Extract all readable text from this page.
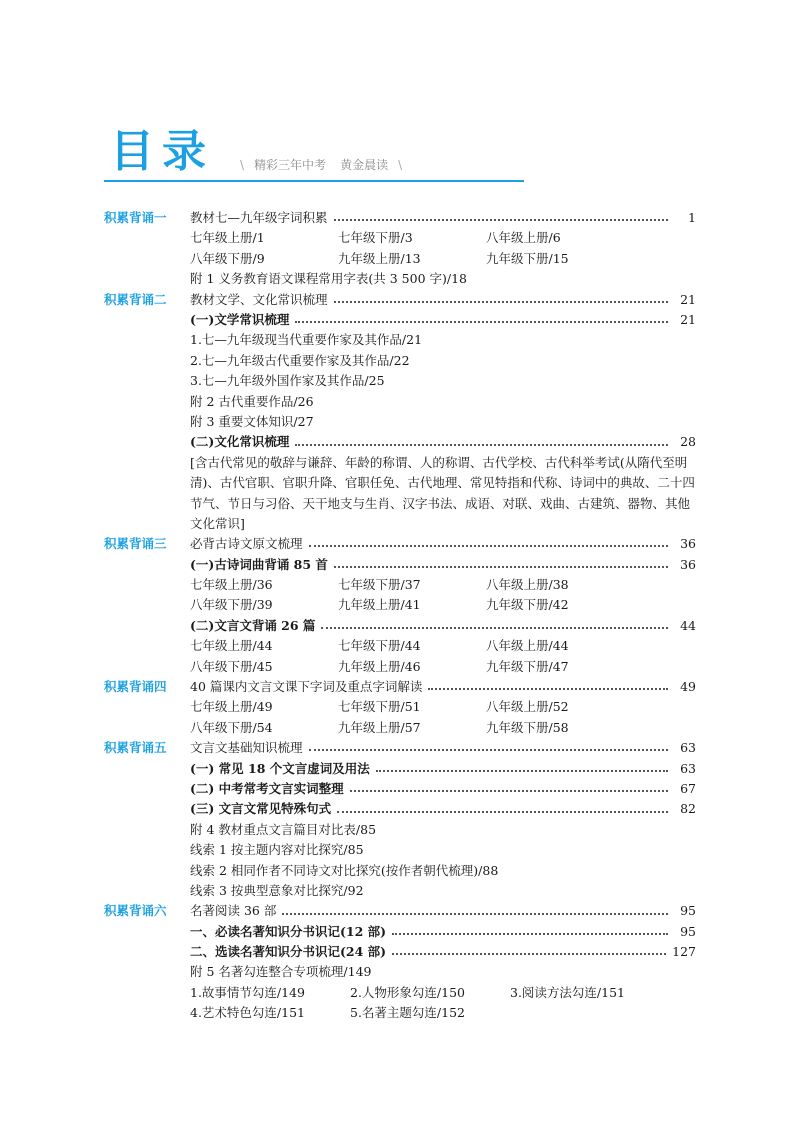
目录	\ 精彩三年中考 黄金晨读 \
积累背诵一 教材七—九年级字词积累	1
七年级上册/1	七年级下册/3	八年级上册/6
八年级下册/9	九年级上册/13	九年级下册/15
附 1 义务教育语文课程常用字表(共 3 500 字)/18
积累背诵二 教材文学、文化常识梳理	21
(一)文学常识梳理	21
1.七—九年级现当代重要作家及其作品/21
2.七—九年级古代重要作家及其作品/22
3.七—九年级外国作家及其作品/25
附 2 古代重要作品/26
附 3 重要文体知识/27
(二)文化常识梳理	28
[含古代常见的敬辞与谦辞、年龄的称谓、人的称谓、古代学校、古代科举考试(从隋代至明清)、古代官职、官职升降、官职任免、古代地理、常见特指和代称、诗词中的典故、二十四节气、节日与习俗、天干地支与生肖、汉字书法、成语、对联、戏曲、古建筑、器物、其他文化常识]
积累背诵三 必背古诗文原文梳理	36
(一)古诗词曲背诵 85 首	36
七年级上册/36	七年级下册/37	八年级上册/38
八年级下册/39	九年级上册/41	九年级下册/42
(二)文言文背诵 26 篇	44
七年级上册/44	七年级下册/44	八年级上册/44
八年级下册/45	九年级上册/46	九年级下册/47
积累背诵四 40 篇课内文言文课下字词及重点字词解读	49
七年级上册/49	七年级下册/51	八年级上册/52
八年级下册/54	九年级上册/57	九年级下册/58
积累背诵五 文言文基础知识梳理	63
(一) 常见 18 个文言虚词及用法	63
(二) 中考常考文言实词整理	67
(三) 文言文常见特殊句式	82
附 4 教材重点文言篇目对比表/85
线索 1 按主题内容对比探究/85
线索 2 相同作者不同诗文对比探究(按作者朝代梳理)/88
线索 3 按典型意象对比探究/92
积累背诵六 名著阅读 36 部	95
一、必读名著知识分书识记(12 部)	95
二、选读名著知识分书识记(24 部)	127
附 5 名著勾连整合专项梳理/149
1.故事情节勾连/149	2.人物形象勾连/150	3.阅读方法勾连/151
4.艺术特色勾连/151	5.名著主题勾连/152
